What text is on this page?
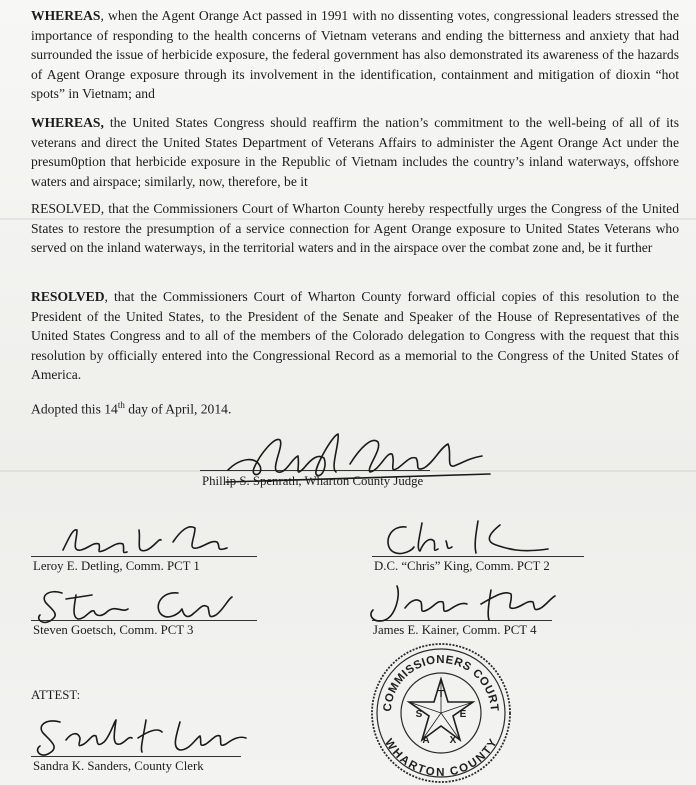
WHEREAS, when the Agent Orange Act passed in 1991 with no dissenting votes, congressional leaders stressed the importance of responding to the health concerns of Vietnam veterans and ending the bitterness and anxiety that had surrounded the issue of herbicide exposure, the federal government has also demonstrated its awareness of the hazards of Agent Orange exposure through its involvement in the identification, containment and mitigation of dioxin “hot spots” in Vietnam; and

WHEREAS, the United States Congress should reaffirm the nation’s commitment to the well-being of all of its veterans and direct the United States Department of Veterans Affairs to administer the Agent Orange Act under the presum0ption that herbicide exposure in the Republic of Vietnam includes the country’s inland waterways, offshore waters and airspace; similarly, now, therefore, be it

RESOLVED, that the Commissioners Court of Wharton County hereby respectfully urges the Congress of the United States to restore the presumption of a service connection for Agent Orange exposure to United States Veterans who served on the inland waterways, in the territorial waters and in the airspace over the combat zone and, be it further

RESOLVED, that the Commissioners Court of Wharton County forward official copies of this resolution to the President of the United States, to the President of the Senate and Speaker of the House of Representatives of the United States Congress and to all of the members of the Colorado delegation to Congress with the request that this resolution by officially entered into the Congressional Record as a memorial to the Congress of the United States of America.

Adopted this 14th day of April, 2014.

Phillip S. Spenrath, Wharton County Judge
Leroy E. Detling, Comm. PCT 1	D.C. “Chris” King, Comm. PCT 2
Steven Goetsch, Comm. PCT 3	James E. Kainer, Comm. PCT 4
ATTEST:
Sandra K. Sanders, County Clerk
COMMISSIONERS COURT
WHARTON COUNTY
T
E
X
A
S
